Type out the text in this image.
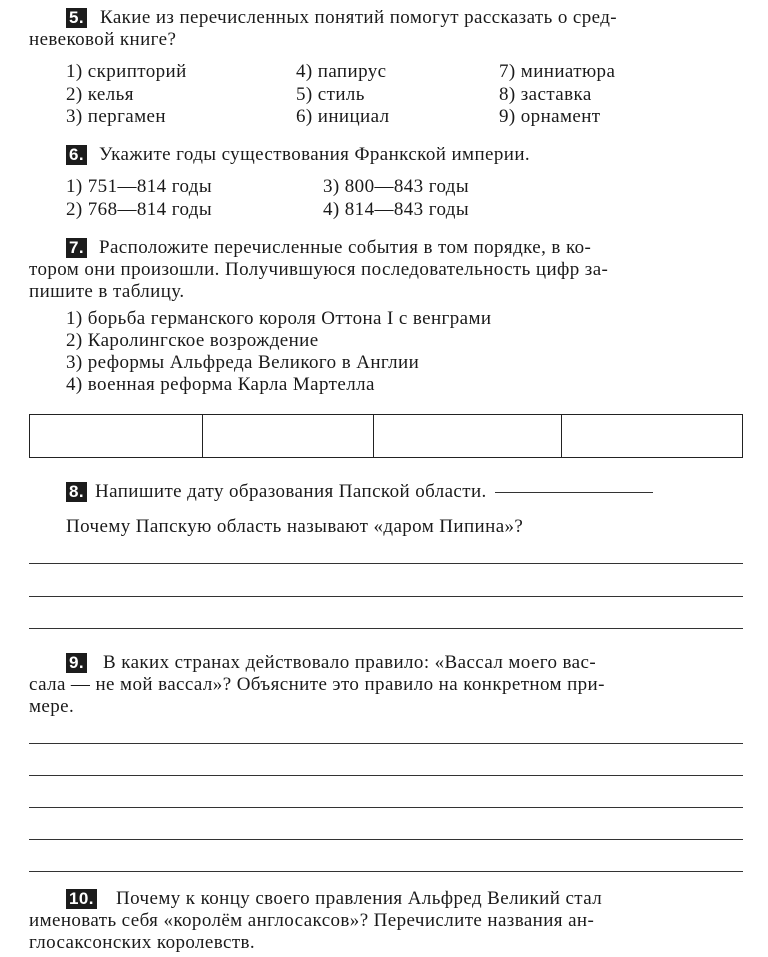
5. Какие из перечисленных понятий помогут рассказать о сред-
невековой книге?
1) скрипторий
2) келья
3) пергамен
4) папирус
5) стиль
6) инициал
7) миниатюра
8) заставка
9) орнамент
6. Укажите годы существования Франкской империи.
1) 751—814 годы
2) 768—814 годы
3) 800—843 годы
4) 814—843 годы
7. Расположите перечисленные события в том порядке, в ко-
тором они произошли. Получившуюся последовательность цифр за-
пишите в таблицу.
1) борьба германского короля Оттона I с венграми
2) Каролингское возрождение
3) реформы Альфреда Великого в Англии
4) военная реформа Карла Мартелла
8. Напишите дату образования Папской области.
Почему Папскую область называют «даром Пипина»?
9. В каких странах действовало правило: «Вассал моего вас-
сала — не мой вассал»? Объясните это правило на конкретном при-
мере.
10. Почему к концу своего правления Альфред Великий стал
именовать себя «королём англосаксов»? Перечислите названия ан-
глосаксонских королевств.
